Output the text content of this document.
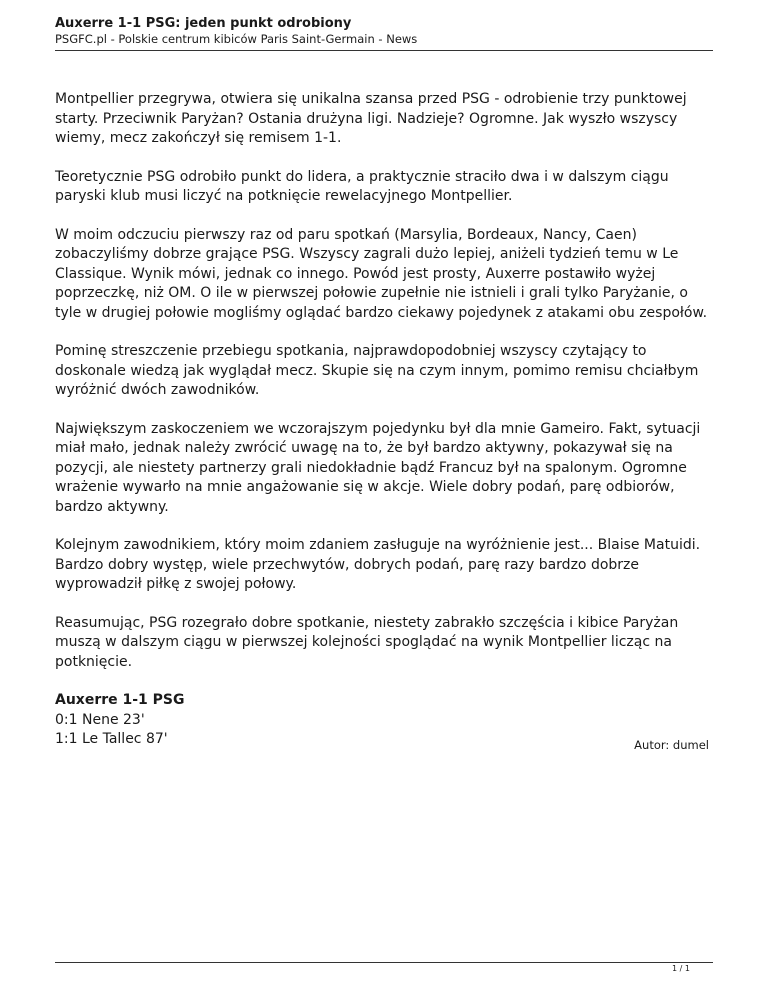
Auxerre 1-1 PSG: jeden punkt odrobiony

PSGFC.pl - Polskie centrum kibiców Paris Saint-Germain - News

Montpellier przegrywa, otwiera się unikalna szansa przed PSG - odrobienie trzy punktowej starty. Przeciwnik Paryżan? Ostania drużyna ligi. Nadzieje? Ogromne. Jak wyszło wszyscy wiemy, mecz zakończył się remisem 1-1.

Teoretycznie PSG odrobiło punkt do lidera, a praktycznie straciło dwa i w dalszym ciągu paryski klub musi liczyć na potknięcie rewelacyjnego Montpellier.

W moim odczuciu pierwszy raz od paru spotkań (Marsylia, Bordeaux, Nancy, Caen) zobaczyliśmy dobrze grające PSG. Wszyscy zagrali dużo lepiej, aniżeli tydzień temu w Le Classique. Wynik mówi, jednak co innego. Powód jest prosty, Auxerre postawiło wyżej poprzeczkę, niż OM. O ile w pierwszej połowie zupełnie nie istnieli i grali tylko Paryżanie, o tyle w drugiej połowie mogliśmy oglądać bardzo ciekawy pojedynek z atakami obu zespołów.

Pominę streszczenie przebiegu spotkania, najprawdopodobniej wszyscy czytający to doskonale wiedzą jak wyglądał mecz. Skupie się na czym innym, pomimo remisu chciałbym wyróżnić dwóch zawodników.

Największym zaskoczeniem we wczorajszym pojedynku był dla mnie Gameiro. Fakt, sytuacji miał mało, jednak należy zwrócić uwagę na to, że był bardzo aktywny, pokazywał się na pozycji, ale niestety partnerzy grali niedokładnie bądź Francuz był na spalonym. Ogromne wrażenie wywarło na mnie angażowanie się w akcje. Wiele dobry podań, parę odbiorów, bardzo aktywny.

Kolejnym zawodnikiem, który moim zdaniem zasługuje na wyróżnienie jest... Blaise Matuidi. Bardzo dobry występ, wiele przechwytów, dobrych podań, parę razy bardzo dobrze wyprowadził piłkę z swojej połowy.

Reasumując, PSG rozegrało dobre spotkanie, niestety zabrakło szczęścia i kibice Paryżan muszą w dalszym ciągu w pierwszej kolejności spoglądać na wynik Montpellier licząc na potknięcie.

Auxerre 1-1 PSG
0:1 Nene 23'
1:1 Le Tallec 87'	Autor: dumel
1 / 1
